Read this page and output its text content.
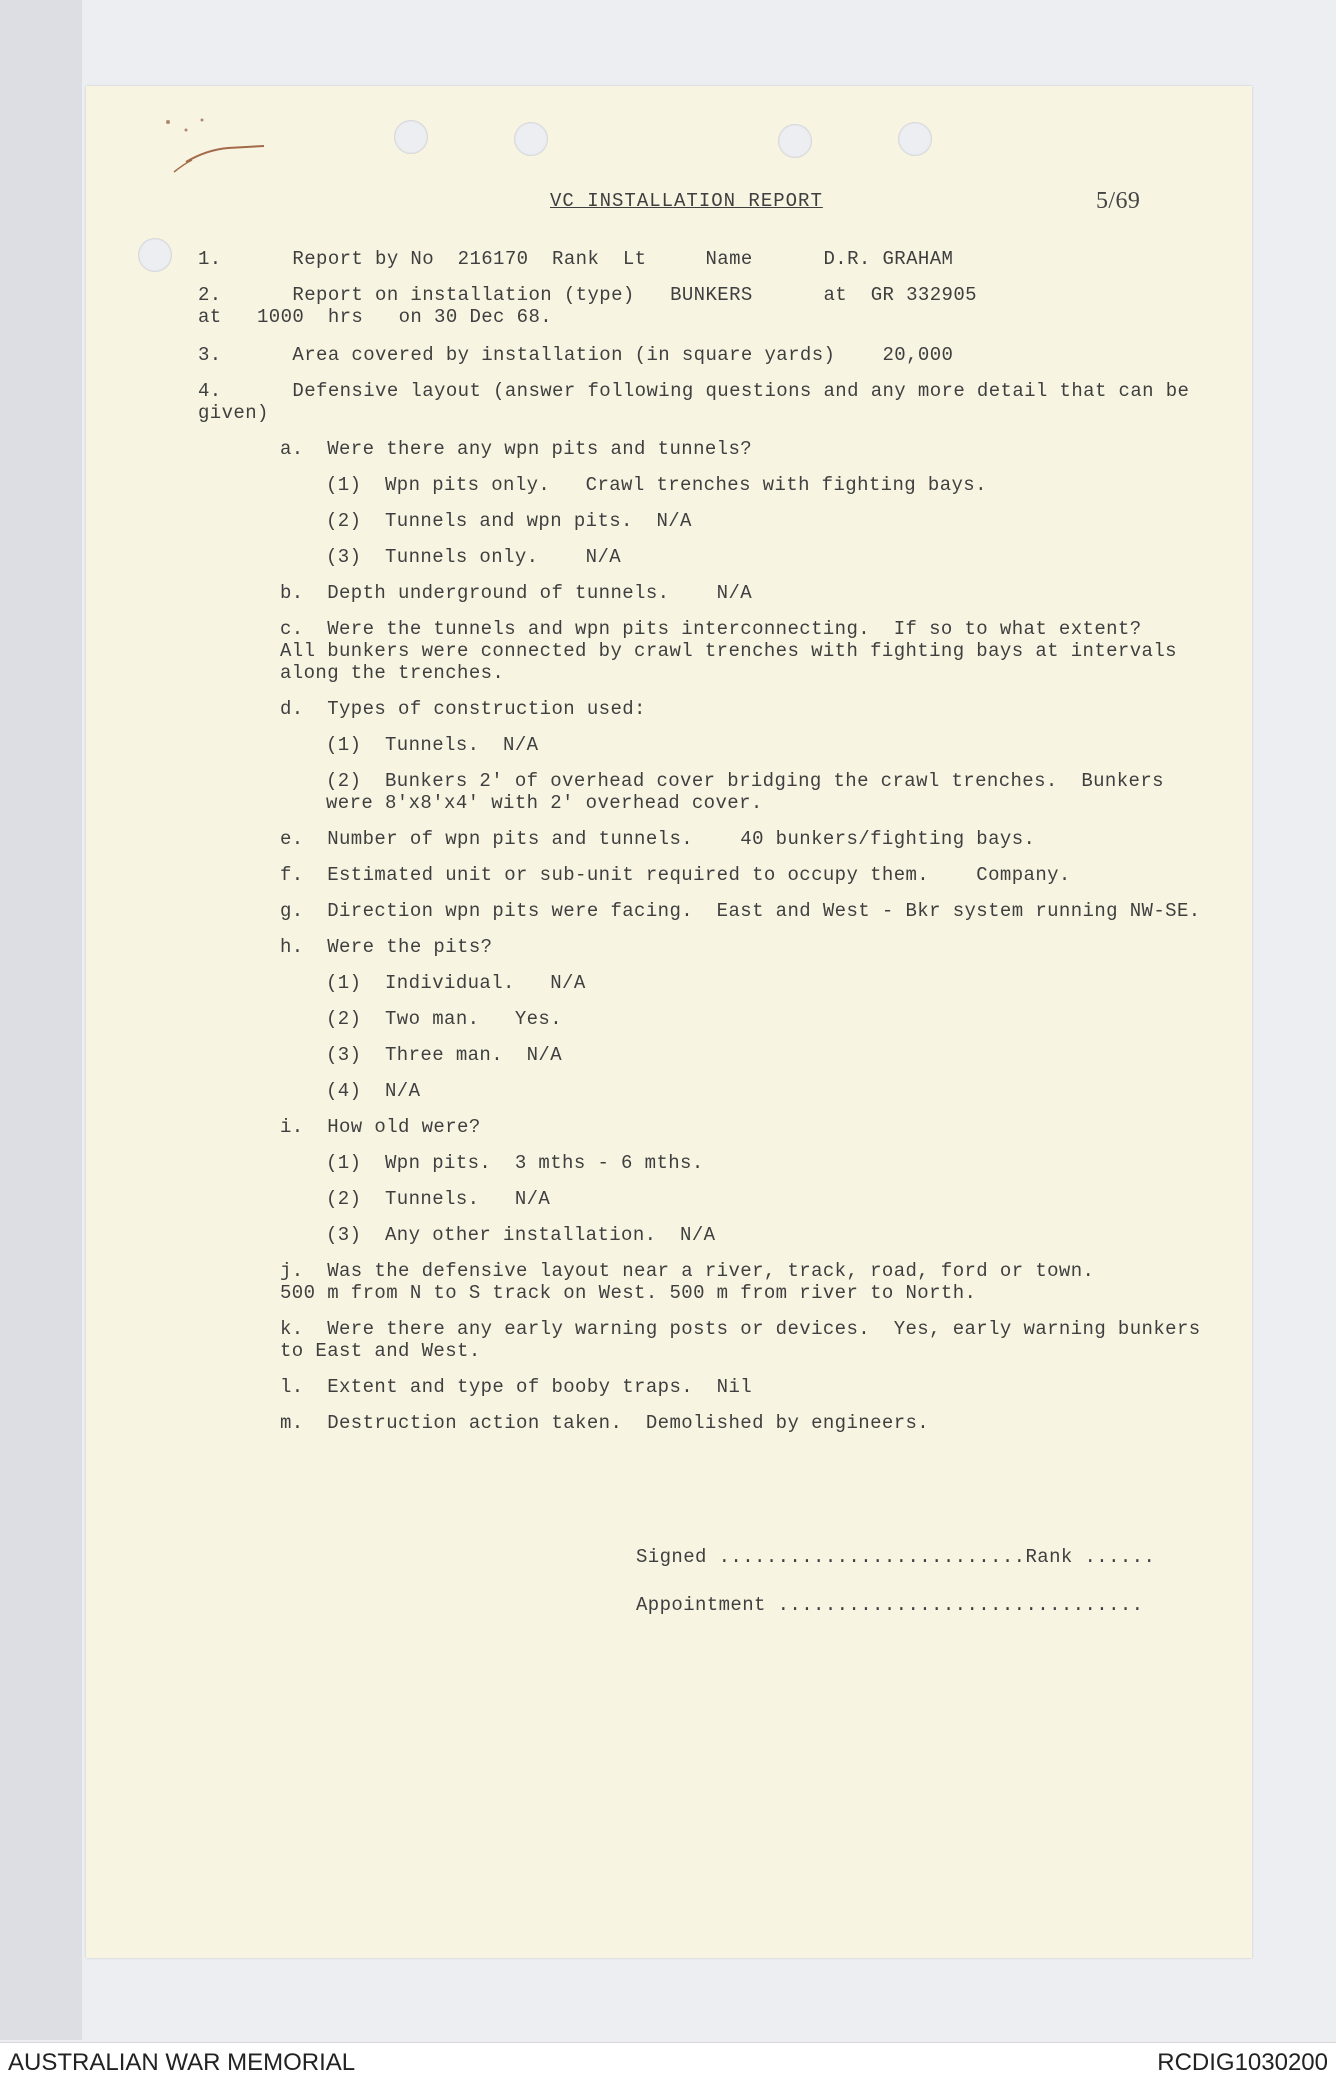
VC INSTALLATION REPORT	5/69
1.      Report by No  216170  Rank  Lt     Name      D.R. GRAHAM
2.      Report on installation (type)   BUNKERS      at  GR 332905
at   1000  hrs   on 30 Dec 68.
3.      Area covered by installation (in square yards)    20,000
4.      Defensive layout (answer following questions and any more detail that can be
given)
a.  Were there any wpn pits and tunnels?
(1)  Wpn pits only.   Crawl trenches with fighting bays.
(2)  Tunnels and wpn pits.  N/A
(3)  Tunnels only.    N/A
b.  Depth underground of tunnels.    N/A
c.  Were the tunnels and wpn pits interconnecting.  If so to what extent?
All bunkers were connected by crawl trenches with fighting bays at intervals
along the trenches.
d.  Types of construction used:
(1)  Tunnels.  N/A
(2)  Bunkers 2' of overhead cover bridging the crawl trenches.  Bunkers
were 8'x8'x4' with 2' overhead cover.
e.  Number of wpn pits and tunnels.    40 bunkers/fighting bays.
f.  Estimated unit or sub-unit required to occupy them.    Company.
g.  Direction wpn pits were facing.  East and West - Bkr system running NW-SE.
h.  Were the pits?
(1)  Individual.   N/A
(2)  Two man.   Yes.
(3)  Three man.  N/A
(4)  N/A
i.  How old were?
(1)  Wpn pits.  3 mths - 6 mths.
(2)  Tunnels.   N/A
(3)  Any other installation.  N/A
j.  Was the defensive layout near a river, track, road, ford or town.
500 m from N to S track on West. 500 m from river to North.
k.  Were there any early warning posts or devices.  Yes, early warning bunkers
to East and West.
l.  Extent and type of booby traps.  Nil
m.  Destruction action taken.  Demolished by engineers.
Signed ..........................Rank ......
Appointment ...............................
AUSTRALIAN WAR MEMORIAL	RCDIG1030200
